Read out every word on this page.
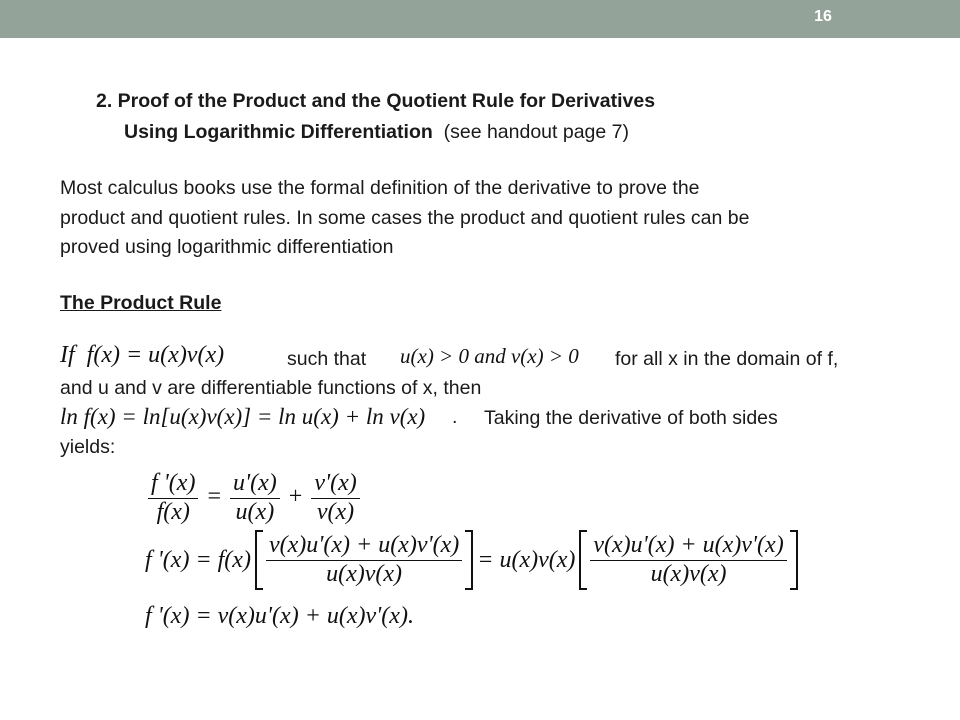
16
2. Proof of the Product and the Quotient Rule for Derivatives
Using Logarithmic Differentiation (see handout page 7)
Most calculus books use the formal definition of the derivative to prove the
product and quotient rules. In some cases the product and quotient rules can be
proved using logarithmic differentiation
The Product Rule
If f(x) = u(x)v(x)	such that u(x) > 0 and v(x) > 0 for all x in the domain of f,
and u and v are differentiable functions of x, then
ln f(x) = ln[u(x)v(x)] = ln u(x) + ln v(x) . Taking the derivative of both sides
yields:
$\frac{f '(x)}{f(x)} = \frac{u'(x)}{u(x)} + \frac{v'(x)}{v(x)}$
f '$(x) = f(x) \frac{v(x)u'(x) + u(x)v'(x)}{u(x)v(x)} = u(x)v(x) \frac{v(x)u'(x) + u(x)v'(x)}{u(x)v(x)}$
f '(x) = v(x)u'(x) + u(x)v'(x).
